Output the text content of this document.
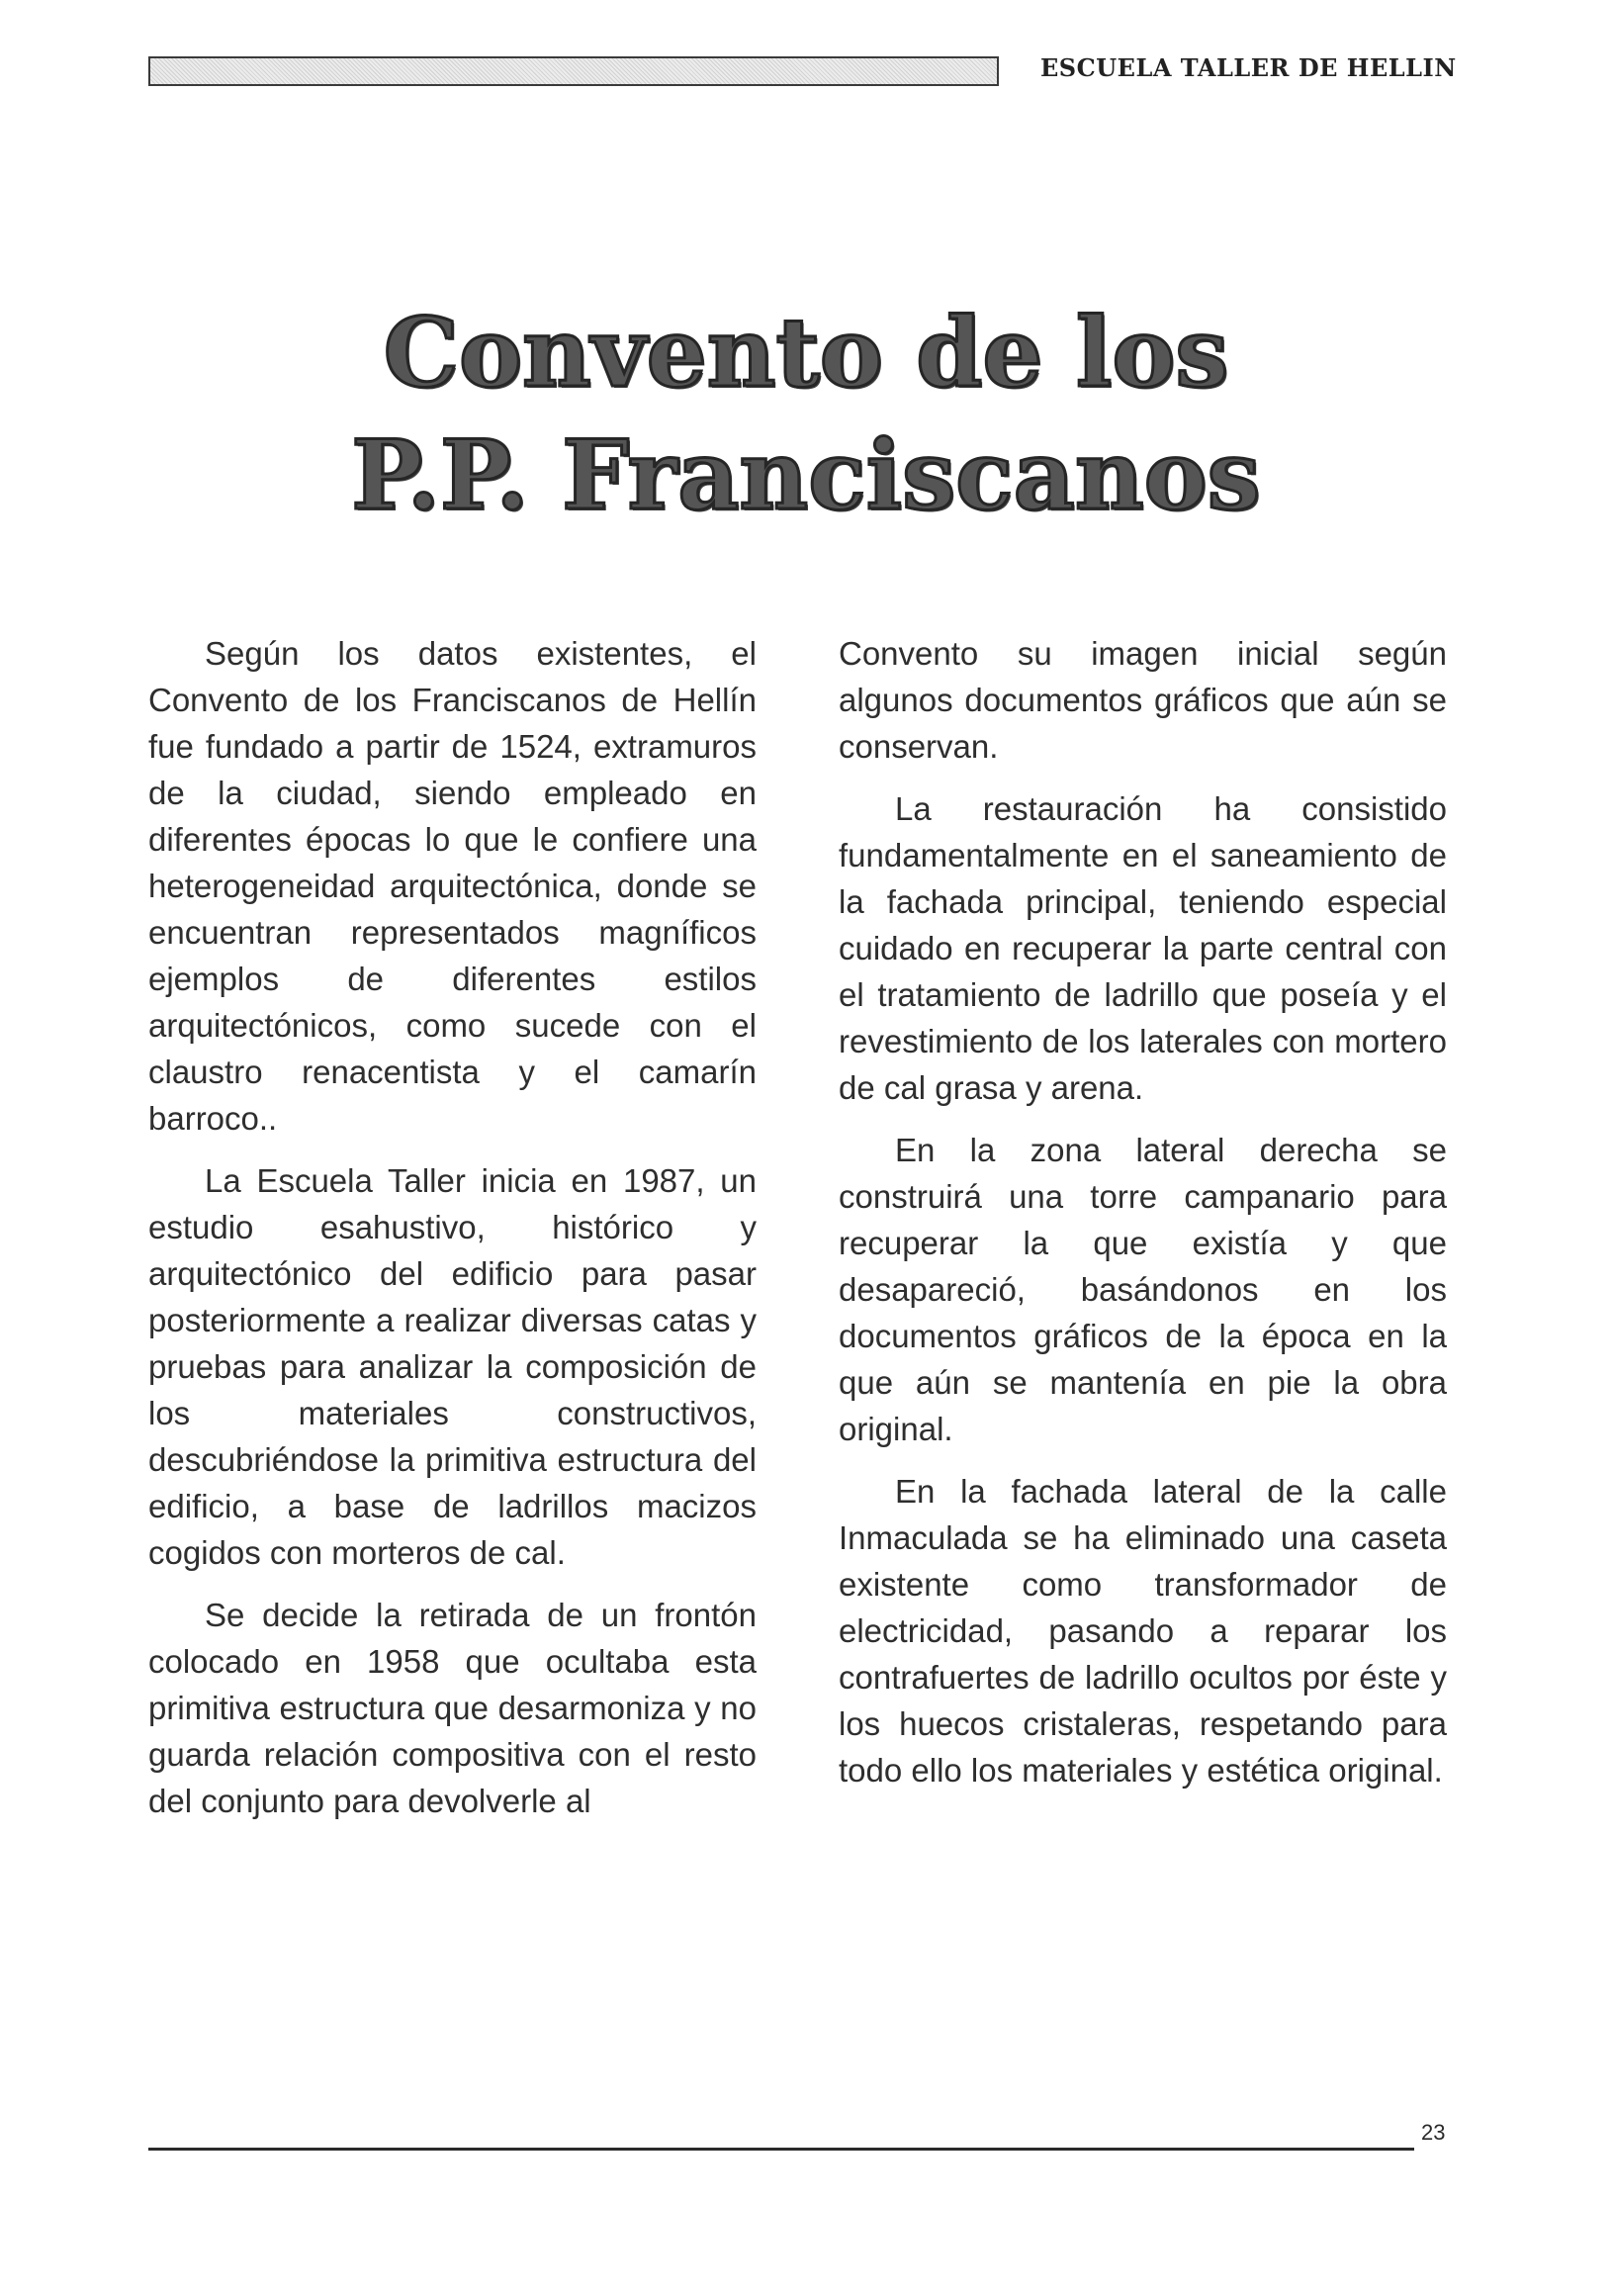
ESCUELA TALLER DE HELLIN
Convento de los
P.P. Franciscanos

Según los datos existentes, el Convento de los Franciscanos de Hellín fue fundado a partir de 1524, extramuros de la ciudad, siendo empleado en diferentes épocas lo que le confiere una heterogeneidad arquitectónica, donde se encuentran representados magníficos ejemplos de diferentes estilos arquitectónicos, como sucede con el claustro renacentista y el camarín barroco..

La Escuela Taller inicia en 1987, un estudio esahustivo, histórico y arquitectónico del edificio para pasar posteriormente a realizar diversas catas y pruebas para analizar la composición de los materiales constructivos, descubriéndose la primitiva estructura del edificio, a base de ladrillos macizos cogidos con morteros de cal.

Se decide la retirada de un frontón colocado en 1958 que ocultaba esta primitiva estructura que desarmoniza y no guarda relación compositiva con el resto del conjunto para devolverle al

Convento su imagen inicial según algunos documentos gráficos que aún se conservan.

La restauración ha consistido fundamentalmente en el saneamiento de la fachada principal, teniendo especial cuidado en recuperar la parte central con el tratamiento de ladrillo que poseía y el revestimiento de los laterales con mortero de cal grasa y arena.

En la zona lateral derecha se construirá una torre campanario para recuperar la que existía y que desapareció, basándonos en los documentos gráficos de la época en la que aún se mantenía en pie la obra original.

En la fachada lateral de la calle Inmaculada se ha eliminado una caseta existente como transformador de electricidad, pasando a reparar los contrafuertes de ladrillo ocultos por éste y los huecos cristaleras, respetando para todo ello los materiales y estética original.

23
